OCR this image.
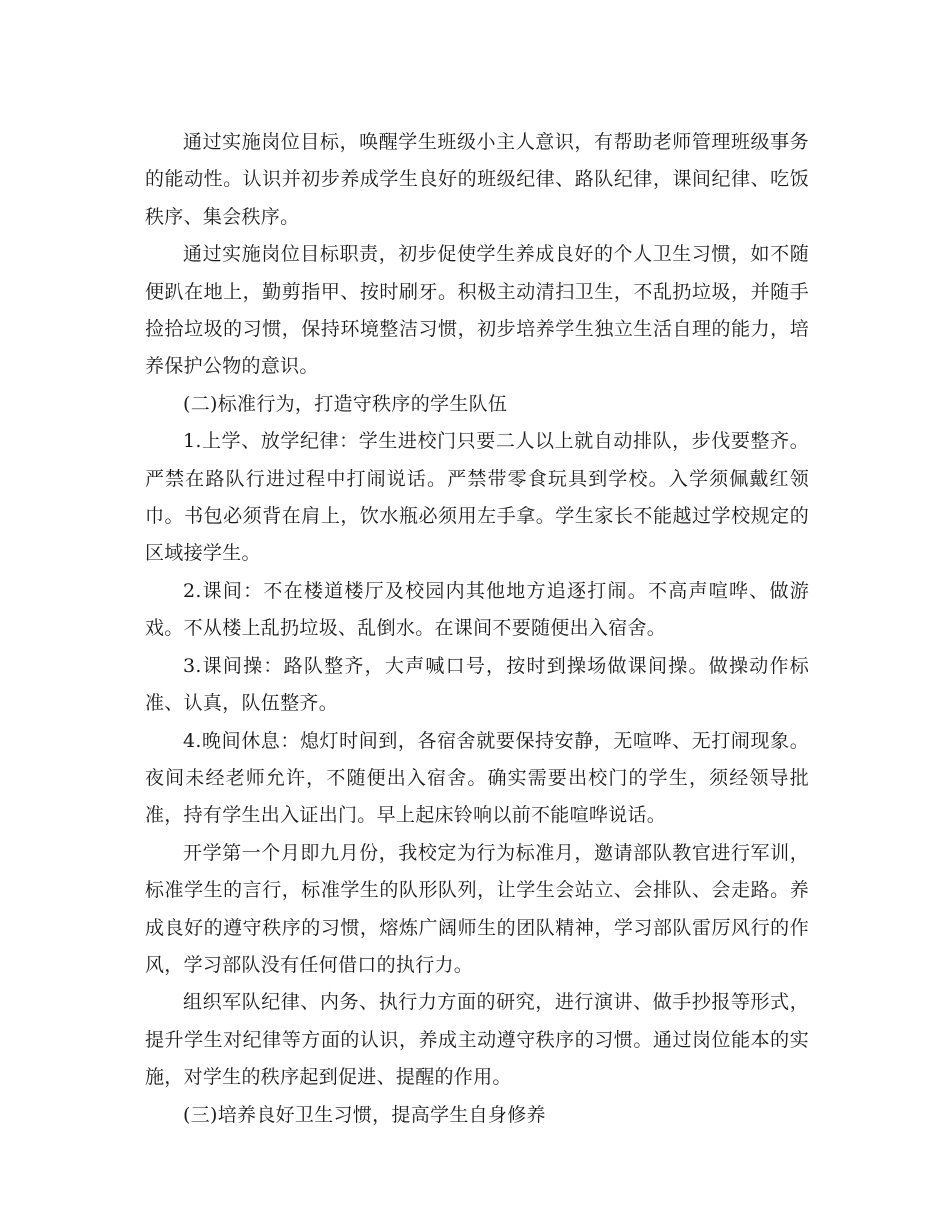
通过实施岗位目标，唤醒学生班级小主人意识，有帮助老师管理班级事务的能动性。认识并初步养成学生良好的班级纪律、路队纪律，课间纪律、吃饭秩序、集会秩序。

通过实施岗位目标职责，初步促使学生养成良好的个人卫生习惯，如不随便趴在地上，勤剪指甲、按时刷牙。积极主动清扫卫生，不乱扔垃圾，并随手捡拾垃圾的习惯，保持环境整洁习惯，初步培养学生独立生活自理的能力，培养保护公物的意识。

(二)标准行为，打造守秩序的学生队伍

1.上学、放学纪律：学生进校门只要二人以上就自动排队，步伐要整齐。严禁在路队行进过程中打闹说话。严禁带零食玩具到学校。入学须佩戴红领巾。书包必须背在肩上，饮水瓶必须用左手拿。学生家长不能越过学校规定的区域接学生。

2.课间：不在楼道楼厅及校园内其他地方追逐打闹。不高声喧哗、做游戏。不从楼上乱扔垃圾、乱倒水。在课间不要随便出入宿舍。

3.课间操：路队整齐，大声喊口号，按时到操场做课间操。做操动作标准、认真，队伍整齐。

4.晚间休息：熄灯时间到，各宿舍就要保持安静，无喧哗、无打闹现象。夜间未经老师允许，不随便出入宿舍。确实需要出校门的学生，须经领导批准，持有学生出入证出门。早上起床铃响以前不能喧哗说话。

开学第一个月即九月份，我校定为行为标准月，邀请部队教官进行军训，标准学生的言行，标准学生的队形队列，让学生会站立、会排队、会走路。养成良好的遵守秩序的习惯，熔炼广阔师生的团队精神，学习部队雷厉风行的作风，学习部队没有任何借口的执行力。

组织军队纪律、内务、执行力方面的研究，进行演讲、做手抄报等形式，提升学生对纪律等方面的认识，养成主动遵守秩序的习惯。通过岗位能本的实施，对学生的秩序起到促进、提醒的作用。

(三)培养良好卫生习惯，提高学生自身修养
